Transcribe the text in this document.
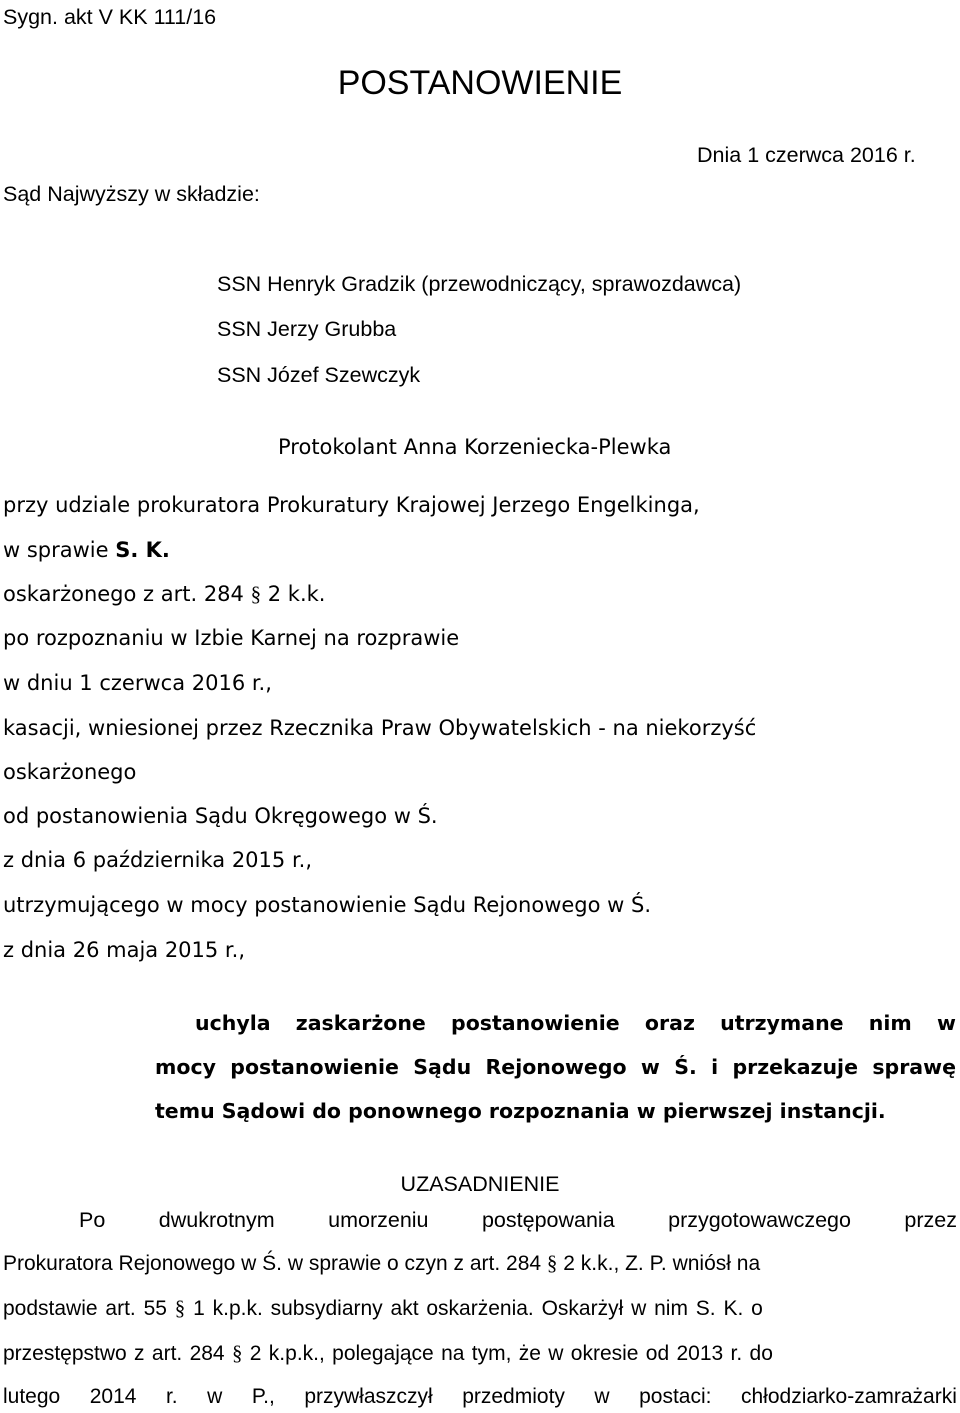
Sygn. akt V KK 111/16
POSTANOWIENIE
Dnia 1 czerwca 2016 r.
Sąd Najwyższy w składzie:
SSN Henryk Gradzik (przewodniczący, sprawozdawca)
SSN Jerzy Grubba
SSN Józef Szewczyk
Protokolant Anna Korzeniecka-Plewka
przy udziale prokuratora Prokuratury Krajowej Jerzego Engelkinga,
w sprawie S. K.
oskarżonego z art. 284 § 2 k.k.
po rozpoznaniu w Izbie Karnej na rozprawie
w dniu 1 czerwca 2016 r.,
kasacji, wniesionej przez Rzecznika Praw Obywatelskich - na niekorzyść
oskarżonego
od postanowienia Sądu Okręgowego w Ś.
z dnia 6 października 2015 r.,
utrzymującego w mocy postanowienie Sądu Rejonowego w Ś.
z dnia 26 maja 2015 r.,
uchyla zaskarżone postanowienie oraz utrzymane nim w
mocy postanowienie Sądu Rejonowego w Ś. i przekazuje sprawę
temu Sądowi do ponownego rozpoznania w pierwszej instancji.
UZASADNIENIE
Po dwukrotnym umorzeniu postępowania przygotowawczego przez
Prokuratora Rejonowego w Ś. w sprawie o czyn z art. 284 § 2 k.k., Z. P. wniósł na
podstawie art. 55 § 1 k.p.k. subsydiarny akt oskarżenia. Oskarżył w nim S. K. o
przestępstwo z art. 284 § 2 k.p.k., polegające na tym, że w okresie od 2013 r. do
lutego 2014 r. w P., przywłaszczył przedmioty w postaci: chłodziarko-zamrażarki
